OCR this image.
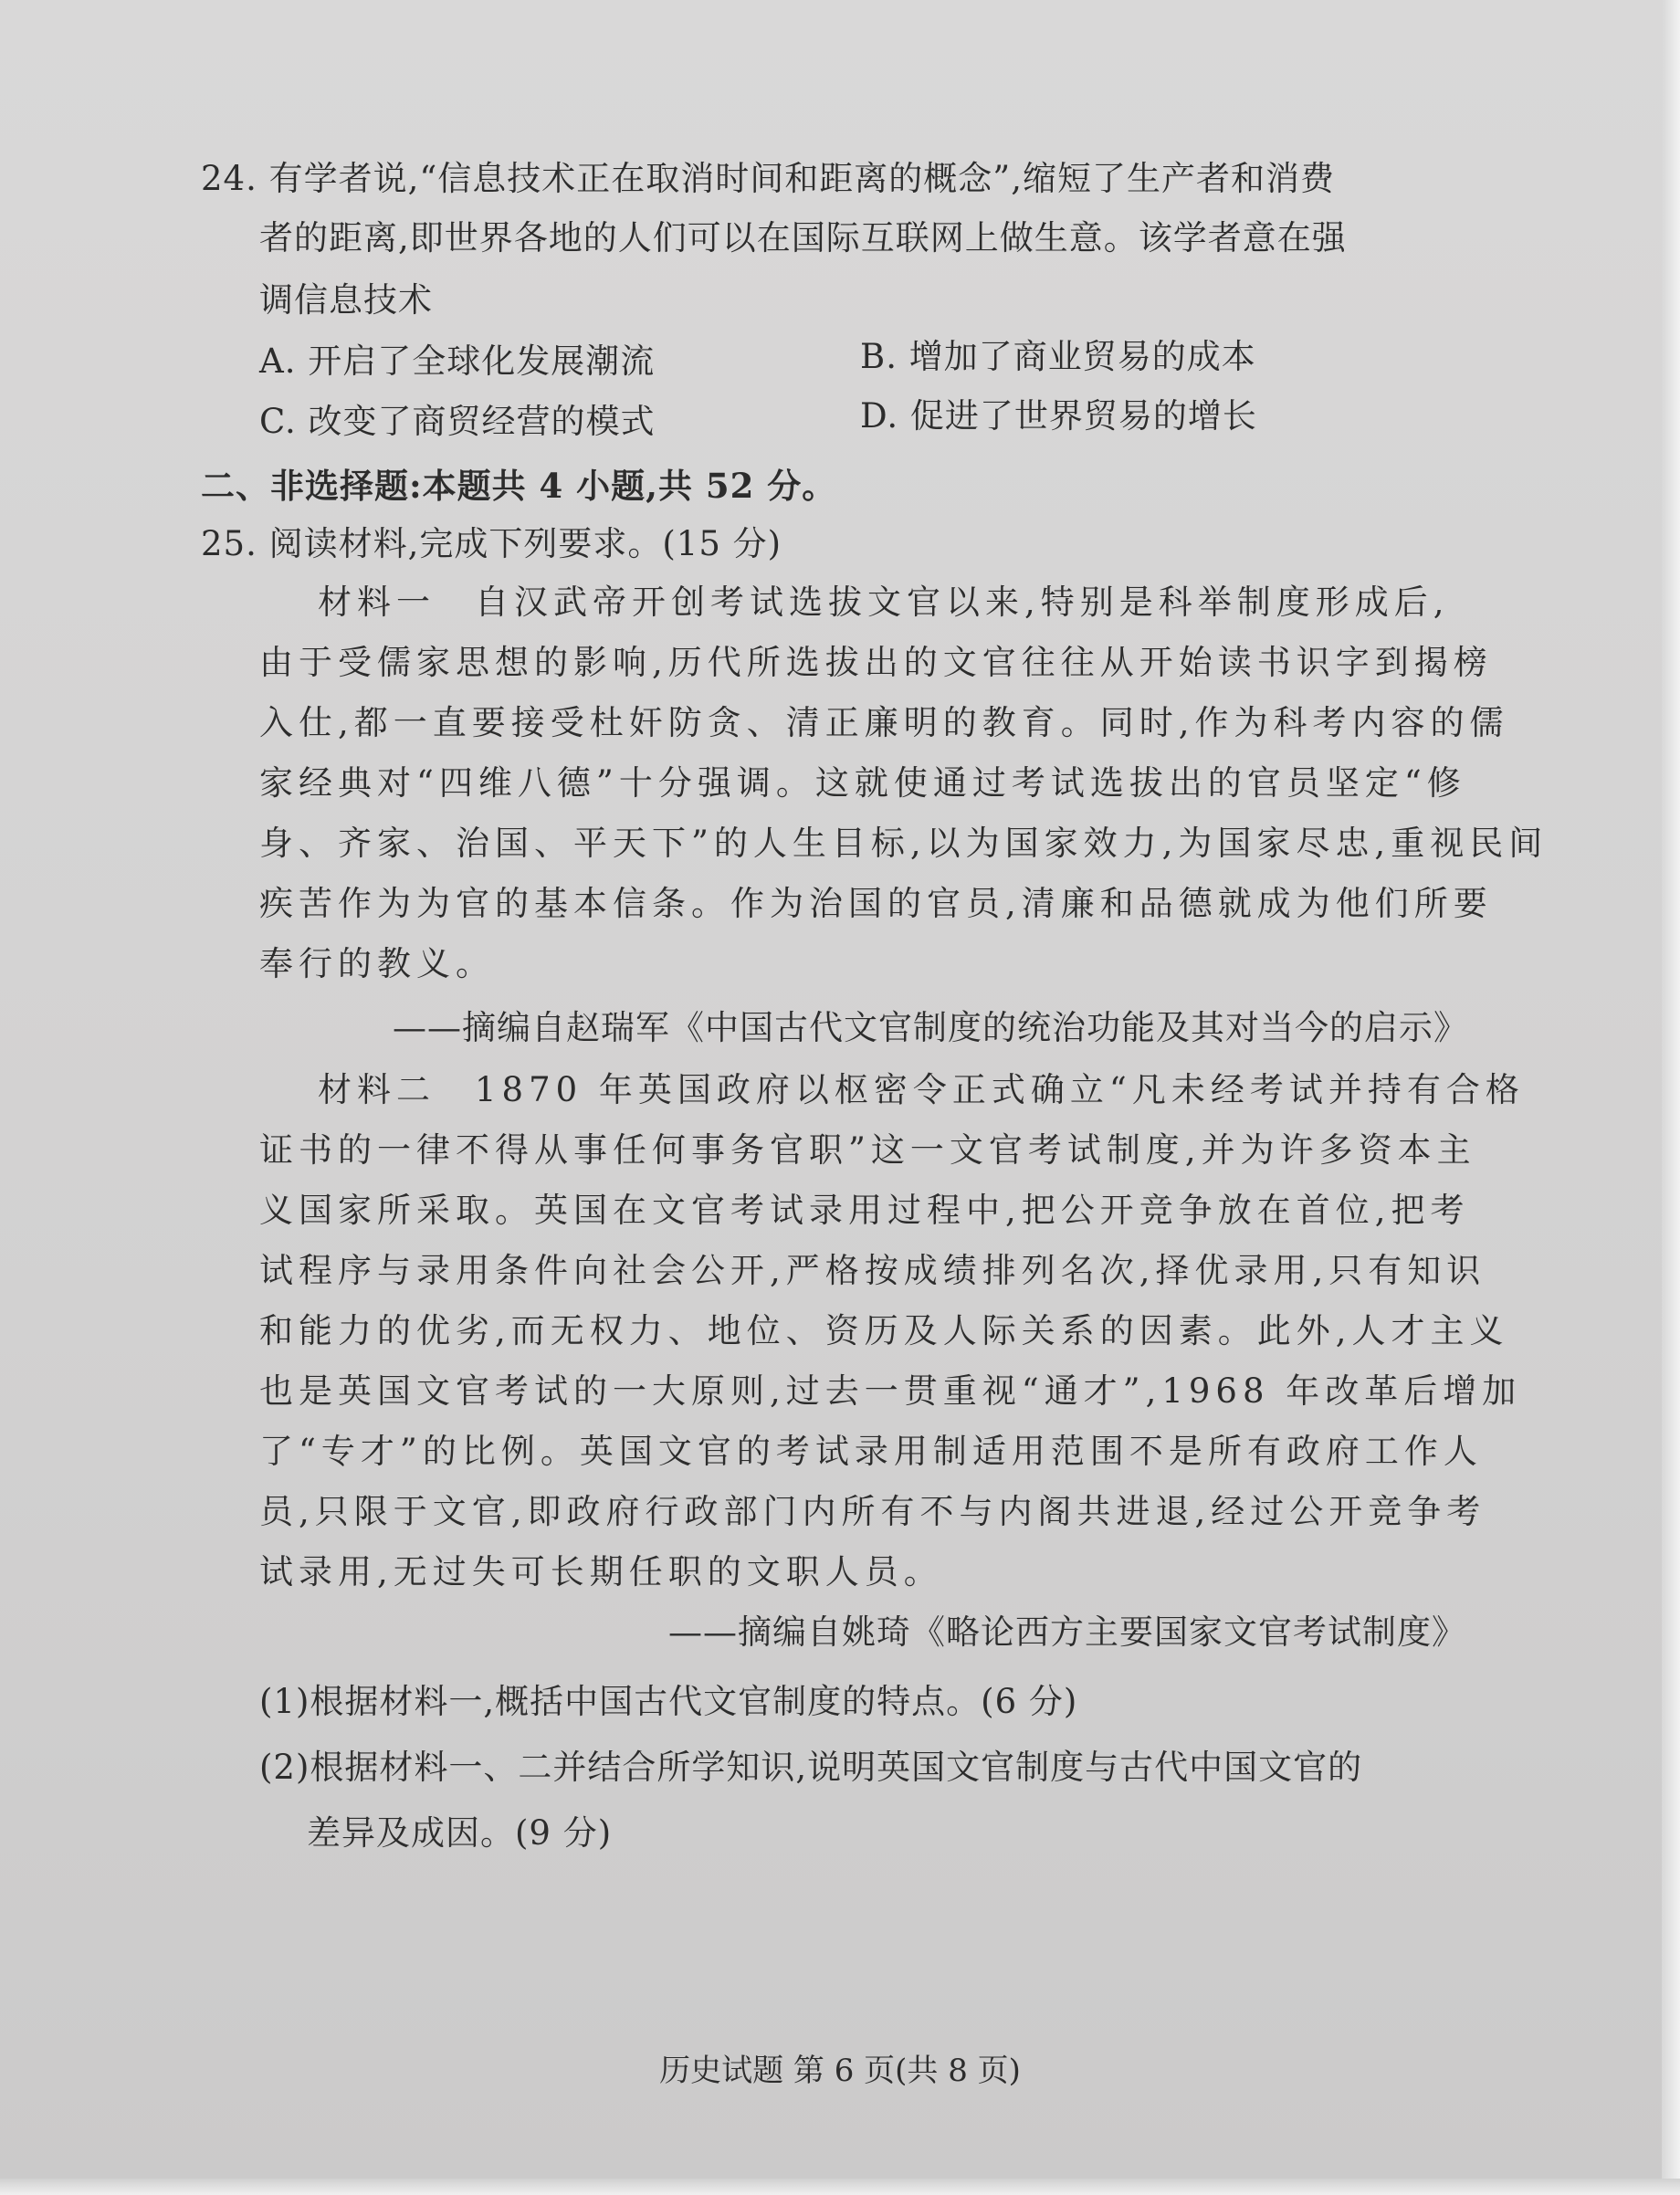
24. 有学者说,“信息技术正在取消时间和距离的概念”,缩短了生产者和消费
者的距离,即世界各地的人们可以在国际互联网上做生意。该学者意在强
调信息技术
A. 开启了全球化发展潮流	B. 增加了商业贸易的成本
C. 改变了商贸经营的模式	D. 促进了世界贸易的增长
二、非选择题:本题共 4 小题,共 52 分。
25. 阅读材料,完成下列要求。(15 分)
材料一　自汉武帝开创考试选拔文官以来,特别是科举制度形成后,
由于受儒家思想的影响,历代所选拔出的文官往往从开始读书识字到揭榜
入仕,都一直要接受杜奸防贪、清正廉明的教育。同时,作为科考内容的儒
家经典对“四维八德”十分强调。这就使通过考试选拔出的官员坚定“修
身、齐家、治国、平天下”的人生目标,以为国家效力,为国家尽忠,重视民间
疾苦作为为官的基本信条。作为治国的官员,清廉和品德就成为他们所要
奉行的教义。
——摘编自赵瑞军《中国古代文官制度的统治功能及其对当今的启示》
材料二　1870 年英国政府以枢密令正式确立“凡未经考试并持有合格
证书的一律不得从事任何事务官职”这一文官考试制度,并为许多资本主
义国家所采取。英国在文官考试录用过程中,把公开竞争放在首位,把考
试程序与录用条件向社会公开,严格按成绩排列名次,择优录用,只有知识
和能力的优劣,而无权力、地位、资历及人际关系的因素。此外,人才主义
也是英国文官考试的一大原则,过去一贯重视“通才”,1968 年改革后增加
了“专才”的比例。英国文官的考试录用制适用范围不是所有政府工作人
员,只限于文官,即政府行政部门内所有不与内阁共进退,经过公开竞争考
试录用,无过失可长期任职的文职人员。
——摘编自姚琦《略论西方主要国家文官考试制度》
(1)根据材料一,概括中国古代文官制度的特点。(6 分)
(2)根据材料一、二并结合所学知识,说明英国文官制度与古代中国文官的
差异及成因。(9 分)
历史试题 第 6 页(共 8 页)
